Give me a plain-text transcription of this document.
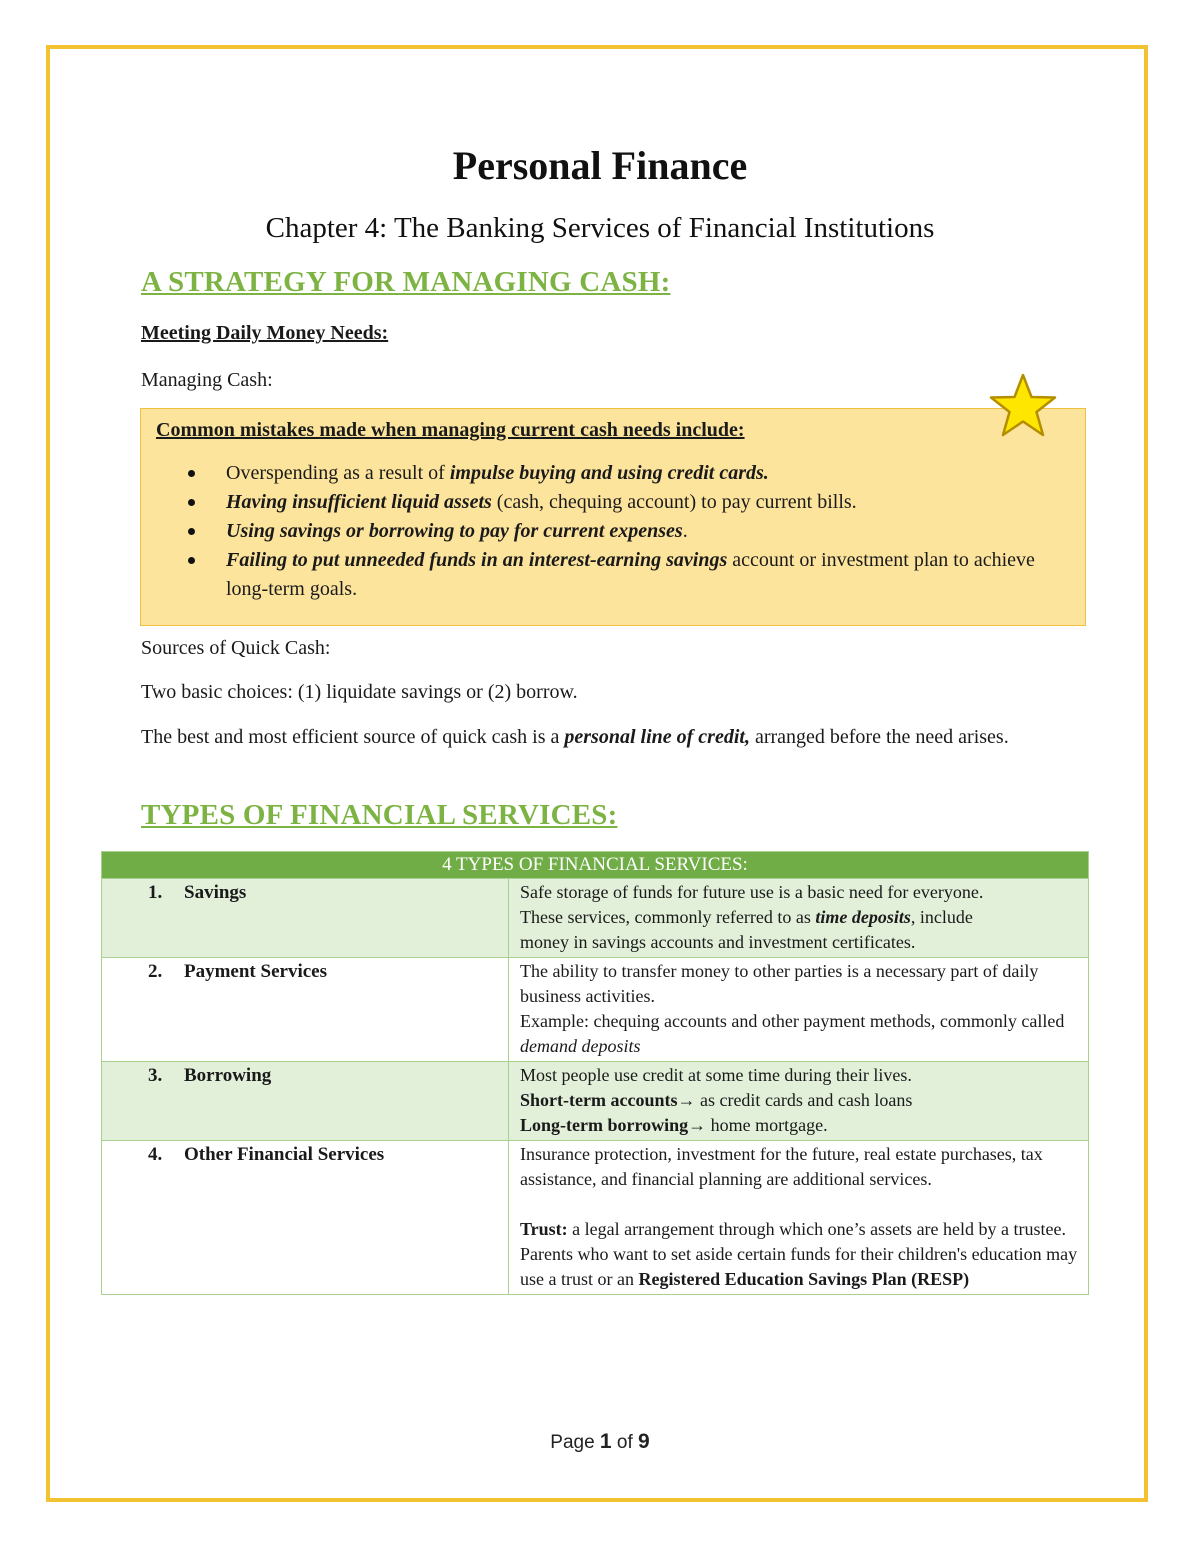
Personal Finance
Chapter 4: The Banking Services of Financial Institutions
A STRATEGY FOR MANAGING CASH:
Meeting Daily Money Needs:
Managing Cash:
Common mistakes made when managing current cash needs include:
Overspending as a result of impulse buying and using credit cards.
Having insufficient liquid assets (cash, chequing account) to pay current bills.
Using savings or borrowing to pay for current expenses.
Failing to put unneeded funds in an interest-earning savings account or investment plan to achieve long-term goals.
Sources of Quick Cash:
Two basic choices: (1) liquidate savings or (2) borrow.
The best and most efficient source of quick cash is a personal line of credit, arranged before the need arises.
TYPES OF FINANCIAL SERVICES:
4 TYPES OF FINANCIAL SERVICES:	
1. Savings	Safe storage of funds for future use is a basic need for everyone.
These services, commonly referred to as time deposits, include
money in savings accounts and investment certificates.

2. Payment Services	The ability to transfer money to other parties is a necessary part of daily business activities.
Example: chequing accounts and other payment methods, commonly called demand deposits

3. Borrowing	Most people use credit at some time during their lives.
Short-term accounts→ as credit cards and cash loans
Long-term borrowing→ home mortgage.

4. Other Financial Services	Insurance protection, investment for the future, real estate purchases, tax assistance, and financial planning are additional services.
Trust: a legal arrangement through which one’s assets are held by a trustee.
Parents who want to set aside certain funds for their children's education may use a trust or an Registered Education Savings Plan (RESP)
Page 1 of 9
